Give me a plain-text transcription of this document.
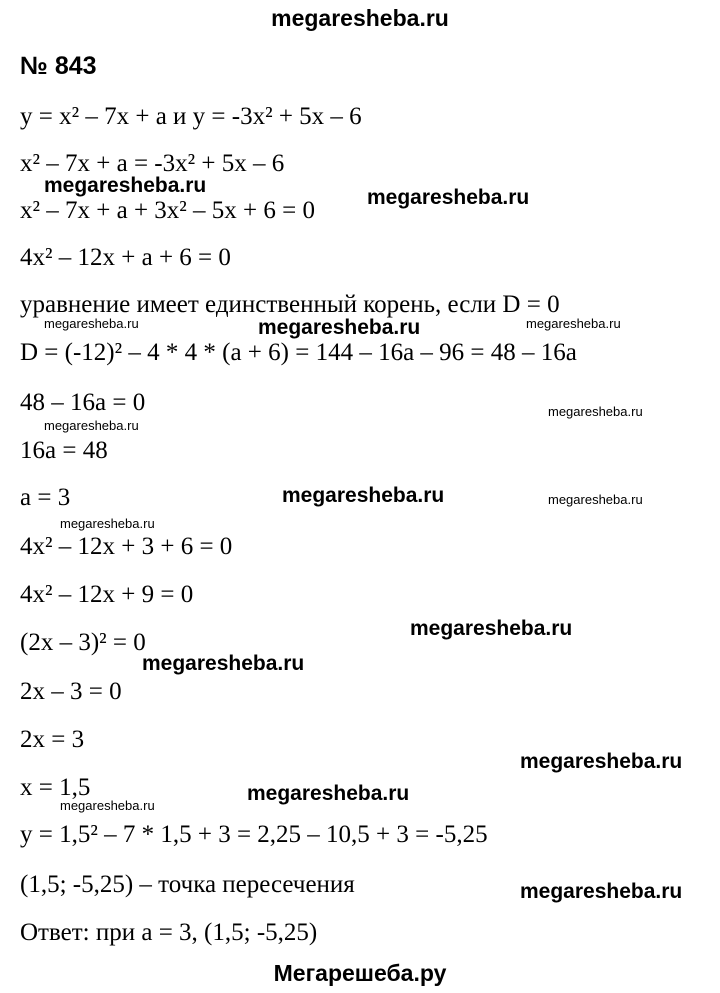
megaresheba.ru
№ 843
y = x² – 7x + a и y = -3x² + 5x – 6
x² – 7x + a = -3x² + 5x – 6
x² – 7x + a + 3x² – 5x + 6 = 0
4x² – 12x + a + 6 = 0
уравнение имеет единственный корень, если D = 0
D = (-12)² – 4 * 4 * (a + 6) = 144 – 16a – 96 = 48 – 16a
48 – 16a = 0
16a = 48
a = 3
4x² – 12x + 3 + 6 = 0
4x² – 12x + 9 = 0
(2x – 3)² = 0
2x – 3 = 0
2x = 3
x = 1,5
y = 1,5² – 7 * 1,5 + 3 = 2,25 – 10,5 + 3 = -5,25
(1,5; -5,25) – точка пересечения
Ответ: при a = 3, (1,5; -5,25)
Мегарешеба.ру
megaresheba.ru
megaresheba.ru
megaresheba.ru	megaresheba.ru	megaresheba.ru
megaresheba.ru
megaresheba.ru
megaresheba.ru	megaresheba.ru
megaresheba.ru
megaresheba.ru
megaresheba.ru
megaresheba.ru
megaresheba.ru
megaresheba.ru
megaresheba.ru
